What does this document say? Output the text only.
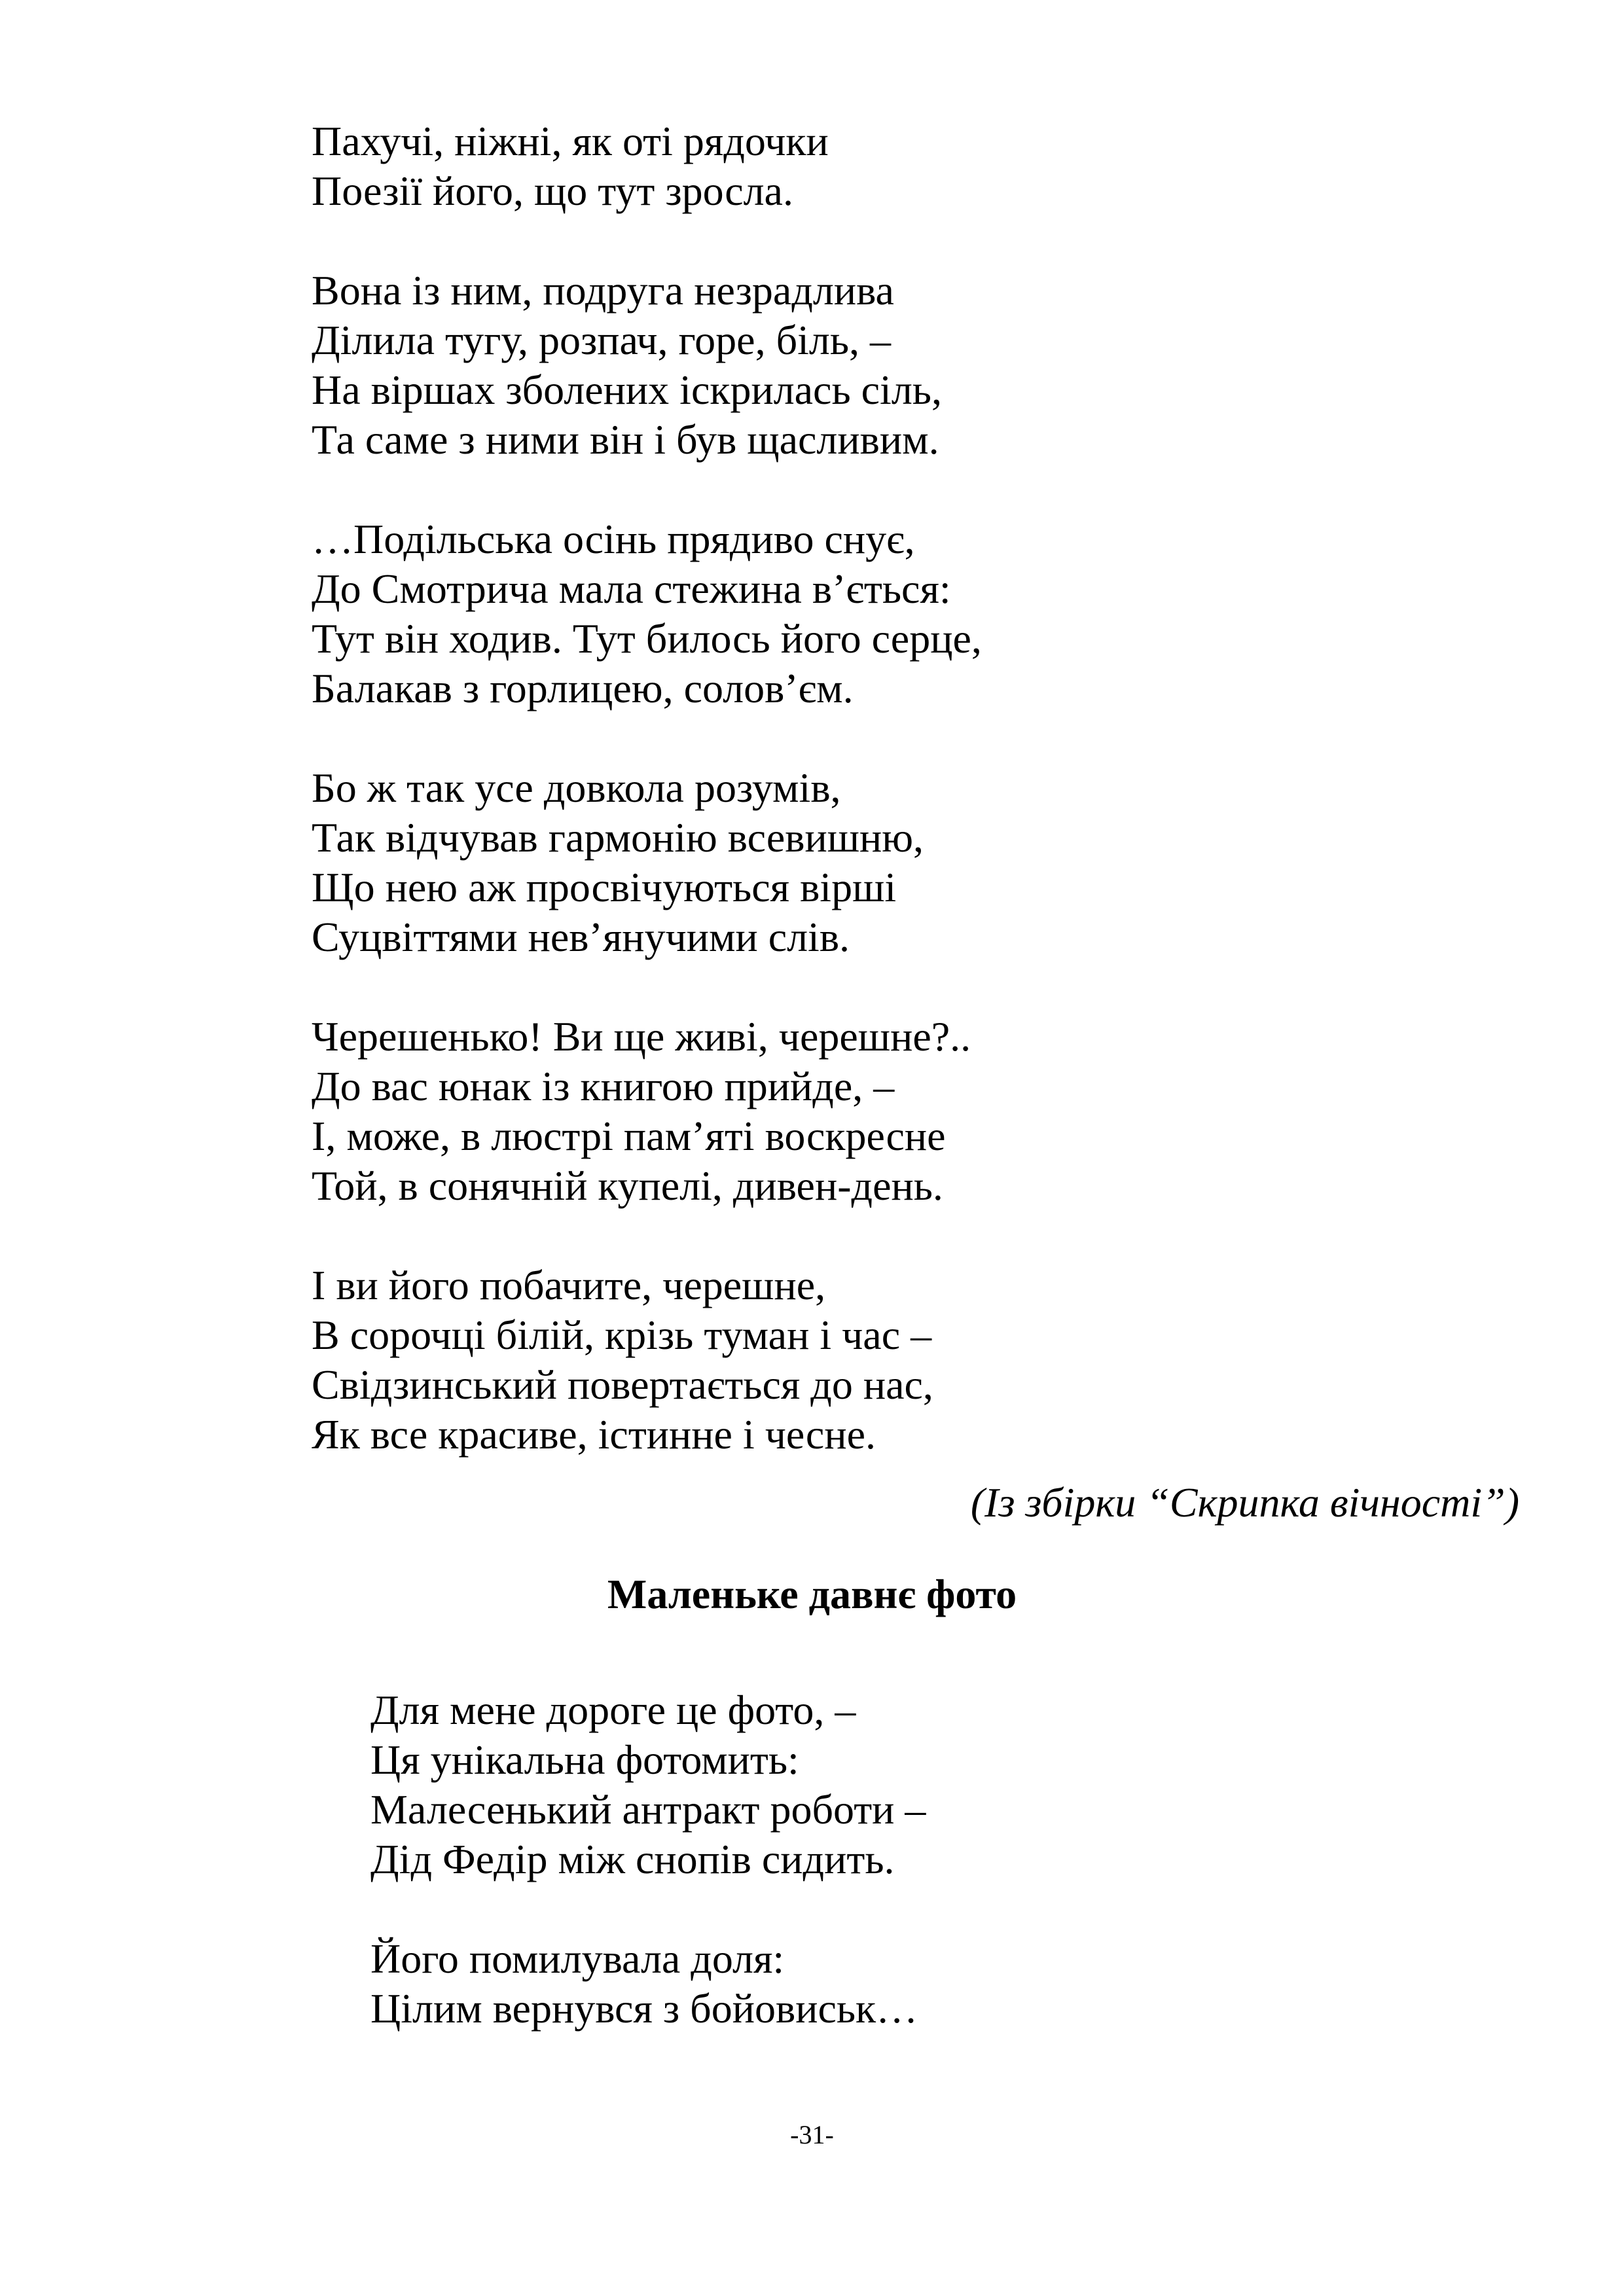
Пахучі, ніжні, як оті рядочки
Поезії його, що тут зросла.

Вона із ним, подруга незрадлива
Ділила тугу, розпач, горе, біль, –
На віршах зболених іскрилась сіль,
Та саме з ними він і був щасливим.

…Подільська осінь прядиво снує,
До Смотрича мала стежина в’ється:
Тут він ходив. Тут билось його серце,
Балакав з горлицею, солов’єм.

Бо ж так усе довкола розумів,
Так відчував гармонію всевишню,
Що нею аж просвічуються вірші
Суцвіттями нев’янучими слів.

Черешенько! Ви ще живі, черешне?..
До вас юнак із книгою прийде, –
І, може, в люстрі пам’яті воскресне
Той, в сонячній купелі, дивен-день.

І ви його побачите, черешне,
В сорочці білій, крізь туман і час –
Свідзинський повертається до нас,
Як все красиве, істинне і чесне.

(Із збірки “Скрипка вічності”)
Маленьке давнє фото

Для мене дороге це фото, –
Ця унікальна фотомить:
Малесенький антракт роботи –
Дід Федір між снопів сидить.

Його помилувала доля:
Цілим вернувся з бойовиськ…

-31-
